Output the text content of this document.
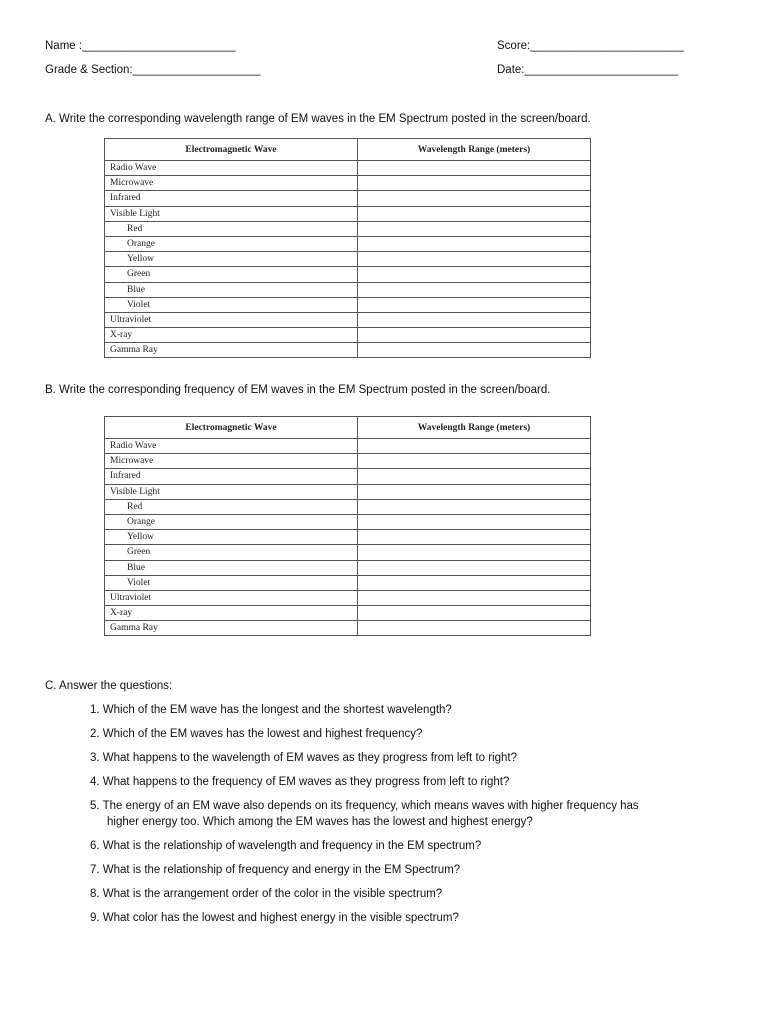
Name :________________________	Score:________________________
Grade & Section:____________________	Date:________________________
A. Write the corresponding wavelength range of EM waves in the EM Spectrum posted in the screen/board.
Electromagnetic Wave	Wavelength Range (meters)
Radio Wave	
Microwave	
Infrared	
Visible Light	
Red	
Orange	
Yellow	
Green	
Blue	
Violet	
Ultraviolet	
X-ray	
Gamma Ray	
B. Write the corresponding frequency of EM waves in the EM Spectrum posted in the screen/board.
Electromagnetic Wave	Wavelength Range (meters)
Radio Wave	
Microwave	
Infrared	
Visible Light	
Red	
Orange	
Yellow	
Green	
Blue	
Violet	
Ultraviolet	
X-ray	
Gamma Ray	
C. Answer the questions:
1. Which of the EM wave has the longest and the shortest wavelength?
2. Which of the EM waves has the lowest and highest frequency?
3. What happens to the wavelength of EM waves as they progress from left to right?
4. What happens to the frequency of EM waves as they progress from left to right?
5. The energy of an EM wave also depends on its frequency, which means waves with higher frequency has
higher energy too. Which among the EM waves has the lowest and highest energy?
6. What is the relationship of wavelength and frequency in the EM spectrum?
7. What is the relationship of frequency and energy in the EM Spectrum?
8. What is the arrangement order of the color in the visible spectrum?
9. What color has the lowest and highest energy in the visible spectrum?
